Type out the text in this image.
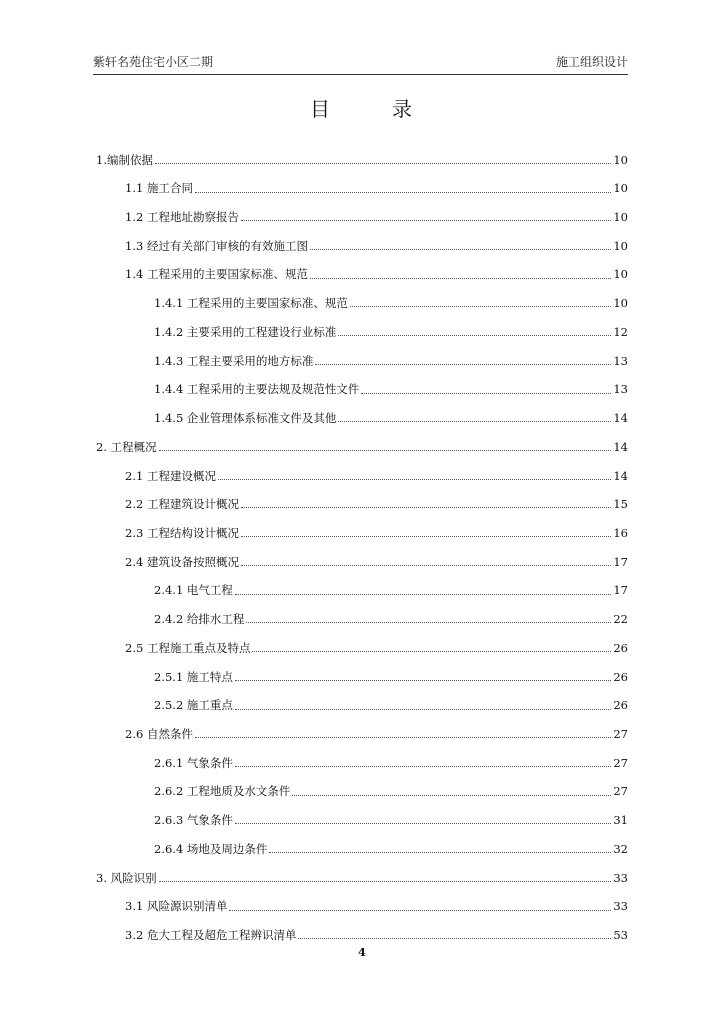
紫轩名苑住宅小区二期	施工组织设计
目	录
1.编制依据	10
1.1 施工合同	10
1.2 工程地址勘察报告	10
1.3 经过有关部门审核的有效施工图	10
1.4 工程采用的主要国家标准、规范	10
1.4.1 工程采用的主要国家标准、规范	10
1.4.2 主要采用的工程建设行业标准	12
1.4.3 工程主要采用的地方标准	13
1.4.4 工程采用的主要法规及规范性文件	13
1.4.5 企业管理体系标准文件及其他	14
2. 工程概况	14
2.1 工程建设概况	14
2.2 工程建筑设计概况	15
2.3 工程结构设计概况	16
2.4 建筑设备按照概况	17
2.4.1 电气工程	17
2.4.2 给排水工程	22
2.5 工程施工重点及特点	26
2.5.1 施工特点	26
2.5.2 施工重点	26
2.6 自然条件	27
2.6.1 气象条件	27
2.6.2 工程地质及水文条件	27
2.6.3 气象条件	31
2.6.4 场地及周边条件	32
3. 风险识别	33
3.1 风险源识别清单	33
3.2 危大工程及超危工程辨识清单	53
4
